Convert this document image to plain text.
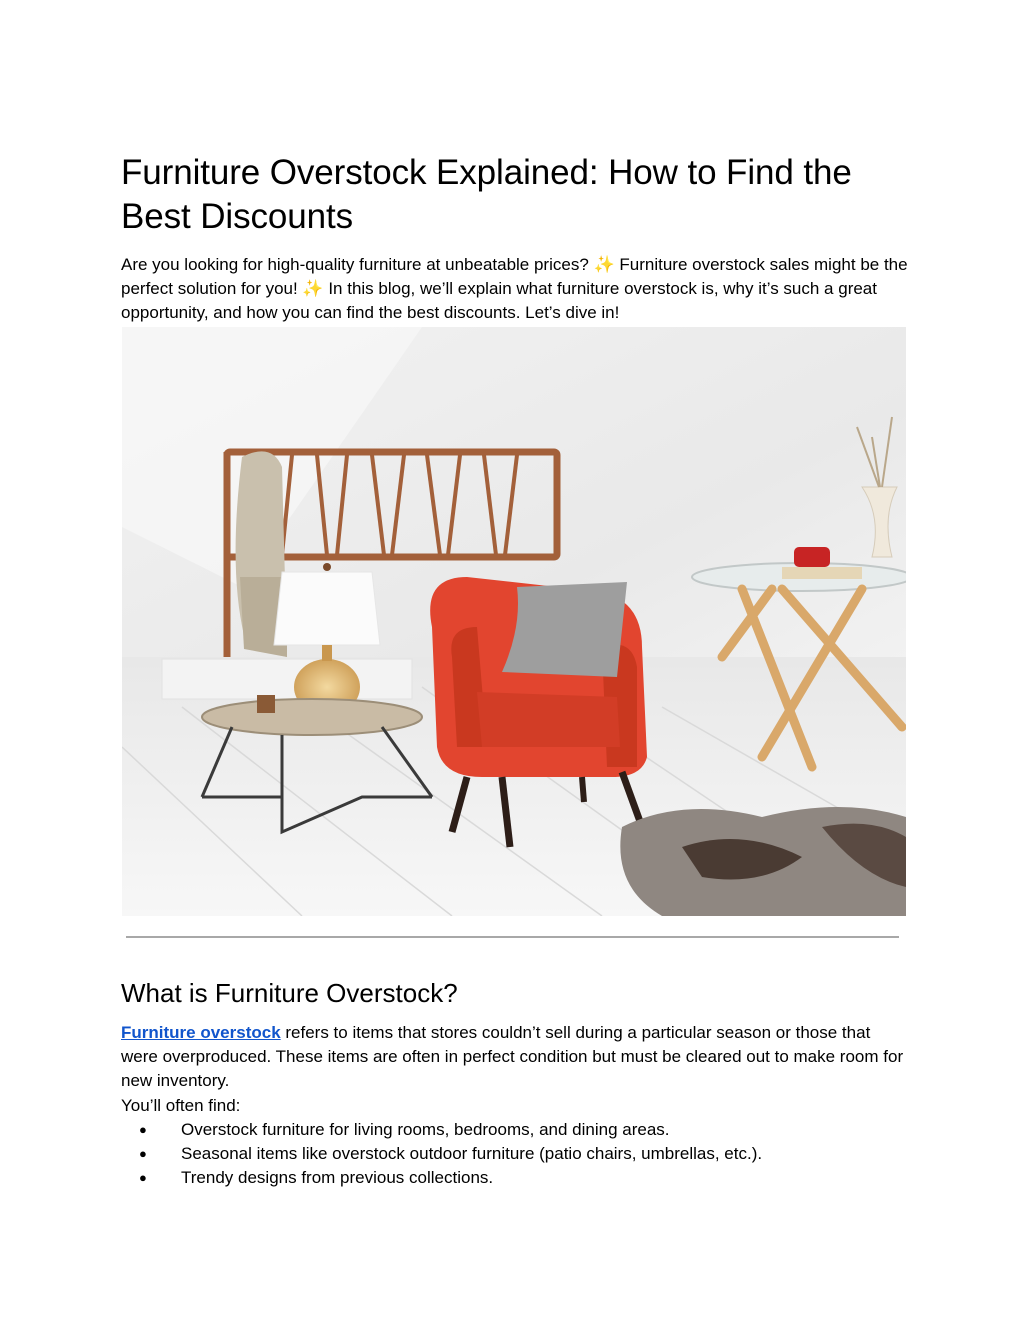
Furniture Overstock Explained: How to Find the Best Discounts

Are you looking for high-quality furniture at unbeatable prices? ✨ Furniture overstock sales might be the perfect solution for you! ✨ In this blog, we’ll explain what furniture overstock is, why it’s such a great opportunity, and how you can find the best discounts. Let’s dive in!

What is Furniture Overstock?

Furniture overstock refers to items that stores couldn’t sell during a particular season or those that were overproduced. These items are often in perfect condition but must be cleared out to make room for new inventory.

You’ll often find:

● Overstock furniture for living rooms, bedrooms, and dining areas.
● Seasonal items like overstock outdoor furniture (patio chairs, umbrellas, etc.).
● Trendy designs from previous collections.
